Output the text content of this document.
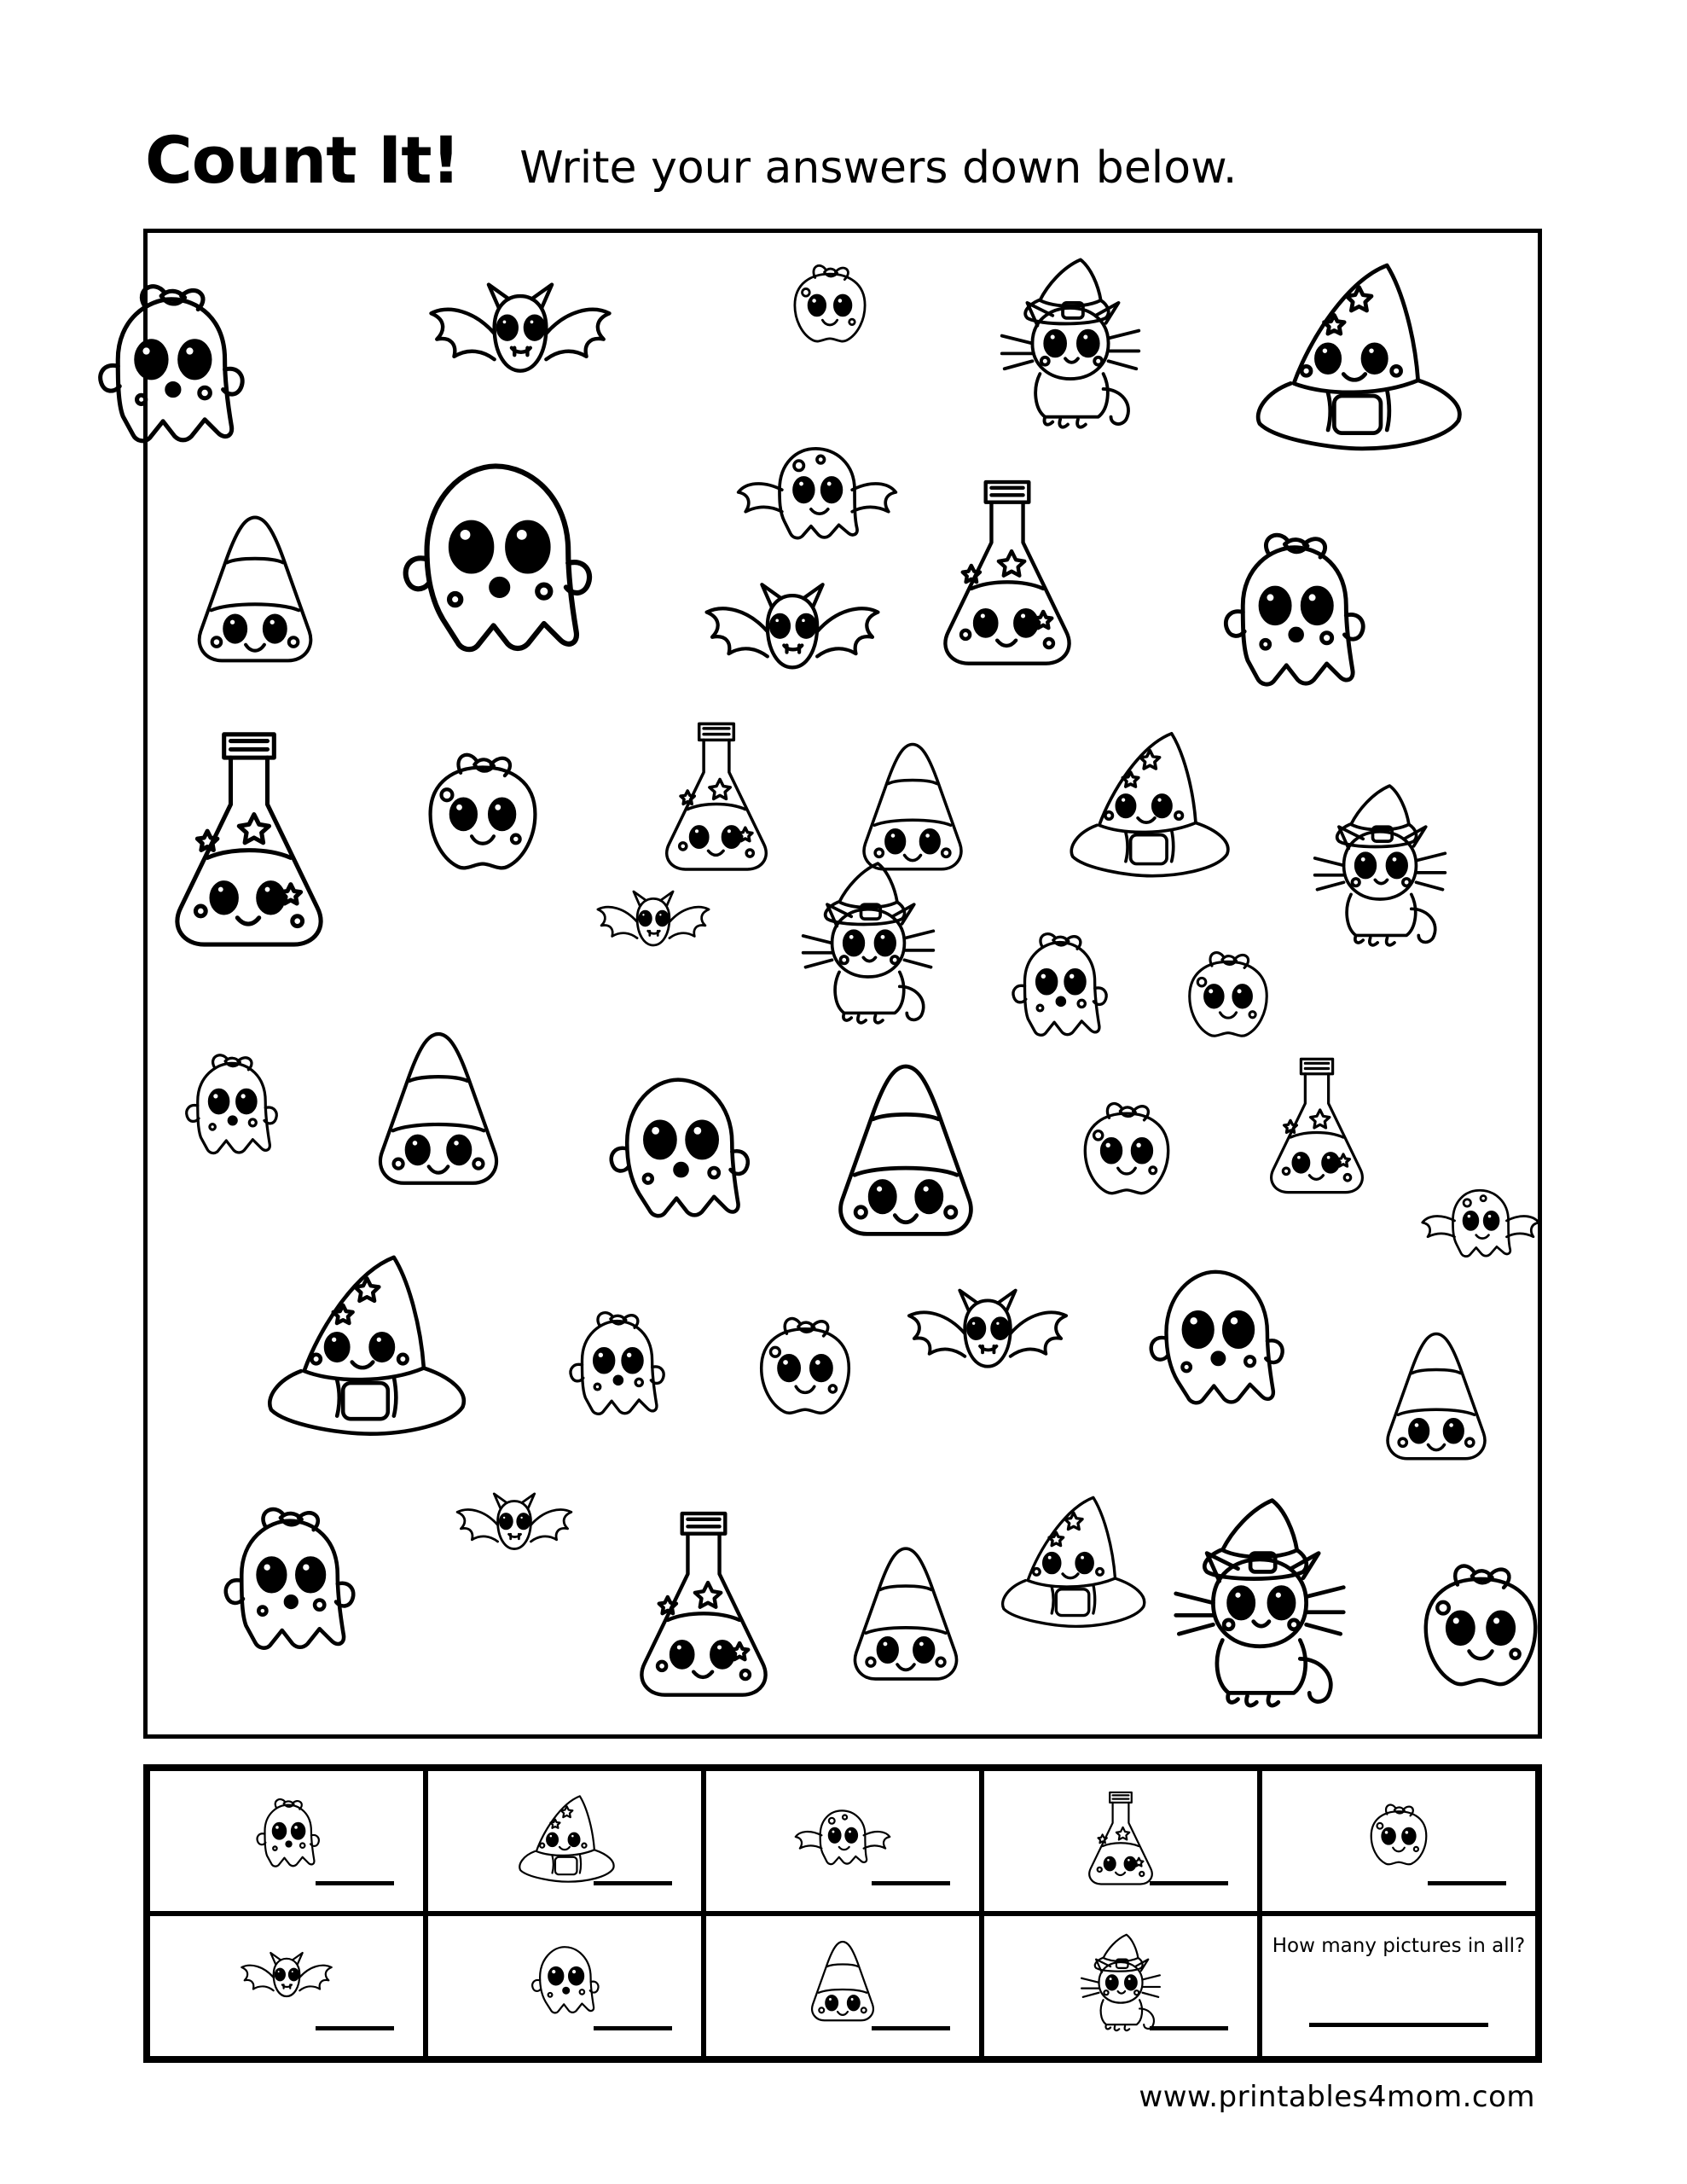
Count It! Write your answers down below.
How many pictures in all?
www.printables4mom.com
